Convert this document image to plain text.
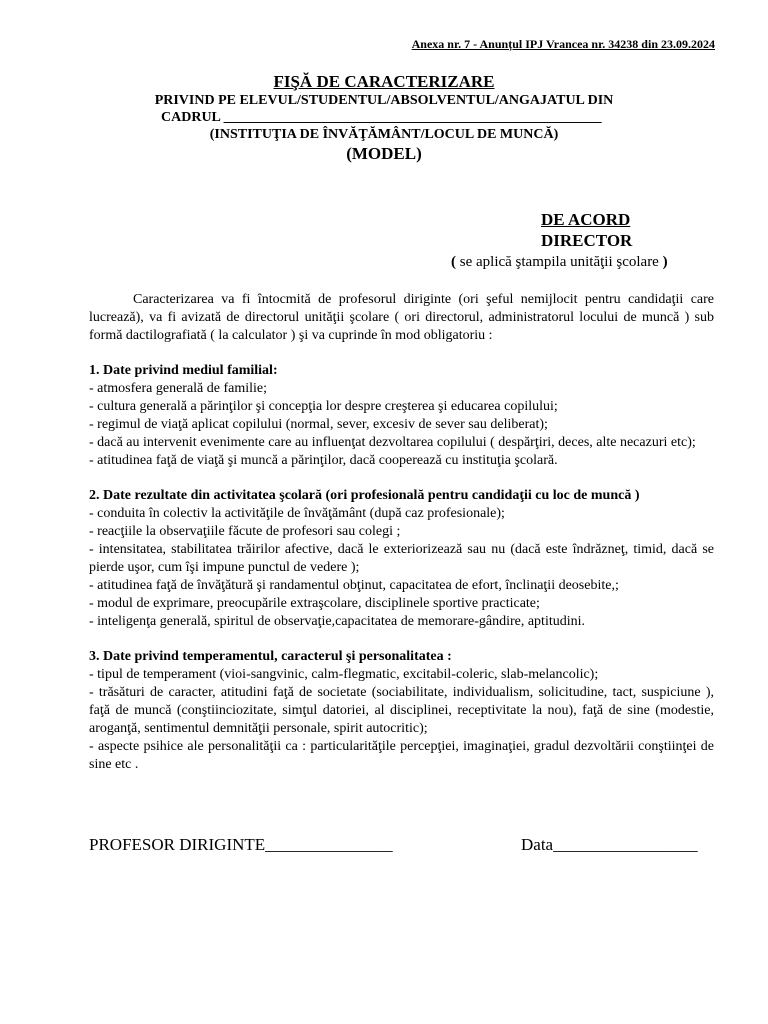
Anexa nr. 7 - Anunțul IPJ Vrancea nr. 34238 din 23.09.2024
FIŞĂ DE CARACTERIZARE
PRIVIND PE ELEVUL/STUDENTUL/ABSOLVENTUL/ANGAJATUL DIN
CADRUL ______________________________________________________
(INSTITUŢIA DE ÎNVĂŢĂMÂNT/LOCUL DE MUNCĂ)
(MODEL)
DE ACORD
DIRECTOR
( se aplică ştampila unităţii şcolare )

Caracterizarea va fi întocmită de profesorul diriginte (ori şeful nemijlocit pentru candidaţii care lucrează), va fi avizată de directorul unităţii şcolare ( ori directorul, administratorul locului de muncă ) sub formă dactilografiată ( la calculator ) şi va cuprinde în mod obligatoriu :

1. Date privind mediul familial:

- atmosfera generală de familie;

- cultura generală a părinţilor şi concepţia lor despre creşterea şi educarea copilului;

- regimul de viaţă aplicat copilului (normal, sever, excesiv de sever sau deliberat);

- dacă au intervenit evenimente care au influenţat dezvoltarea copilului ( despărţiri, deces, alte necazuri etc);

- atitudinea faţă de viaţă şi muncă a părinţilor, dacă cooperează cu instituţia şcolară.

2. Date rezultate din activitatea şcolară (ori profesională pentru candidaţii cu loc de muncă )

- conduita în colectiv la activităţile de învăţământ (după caz profesionale);

- reacţiile la observaţiile făcute de profesori sau colegi ;

- intensitatea, stabilitatea trăirilor afective, dacă le exteriorizează sau nu (dacă este îndrăzneţ, timid, dacă se pierde uşor, cum îşi impune punctul de vedere );

- atitudinea faţă de învăţătură şi randamentul obţinut, capacitatea de efort, înclinaţii deosebite,;

- modul de exprimare, preocupările extraşcolare, disciplinele sportive practicate;

- inteligenţa generală, spiritul de observaţie,capacitatea de memorare-gândire, aptitudini.

3. Date privind temperamentul, caracterul şi personalitatea :

- tipul de temperament (vioi-sangvinic, calm-flegmatic, excitabil-coleric, slab-melancolic);

- trăsături de caracter, atitudini faţă de societate (sociabilitate, individualism, solicitudine, tact, suspiciune ), faţă de muncă (conştiinciozitate, simţul datoriei, al disciplinei, receptivitate la nou), faţă de sine (modestie, aroganţă, sentimentul demnităţii personale, spirit autocritic);

- aspecte psihice ale personalităţii ca : particularităţile percepţiei, imaginaţiei, gradul dezvoltării conştiinţei de sine etc .

PROFESOR DIRIGINTE_______________	Data_________________
